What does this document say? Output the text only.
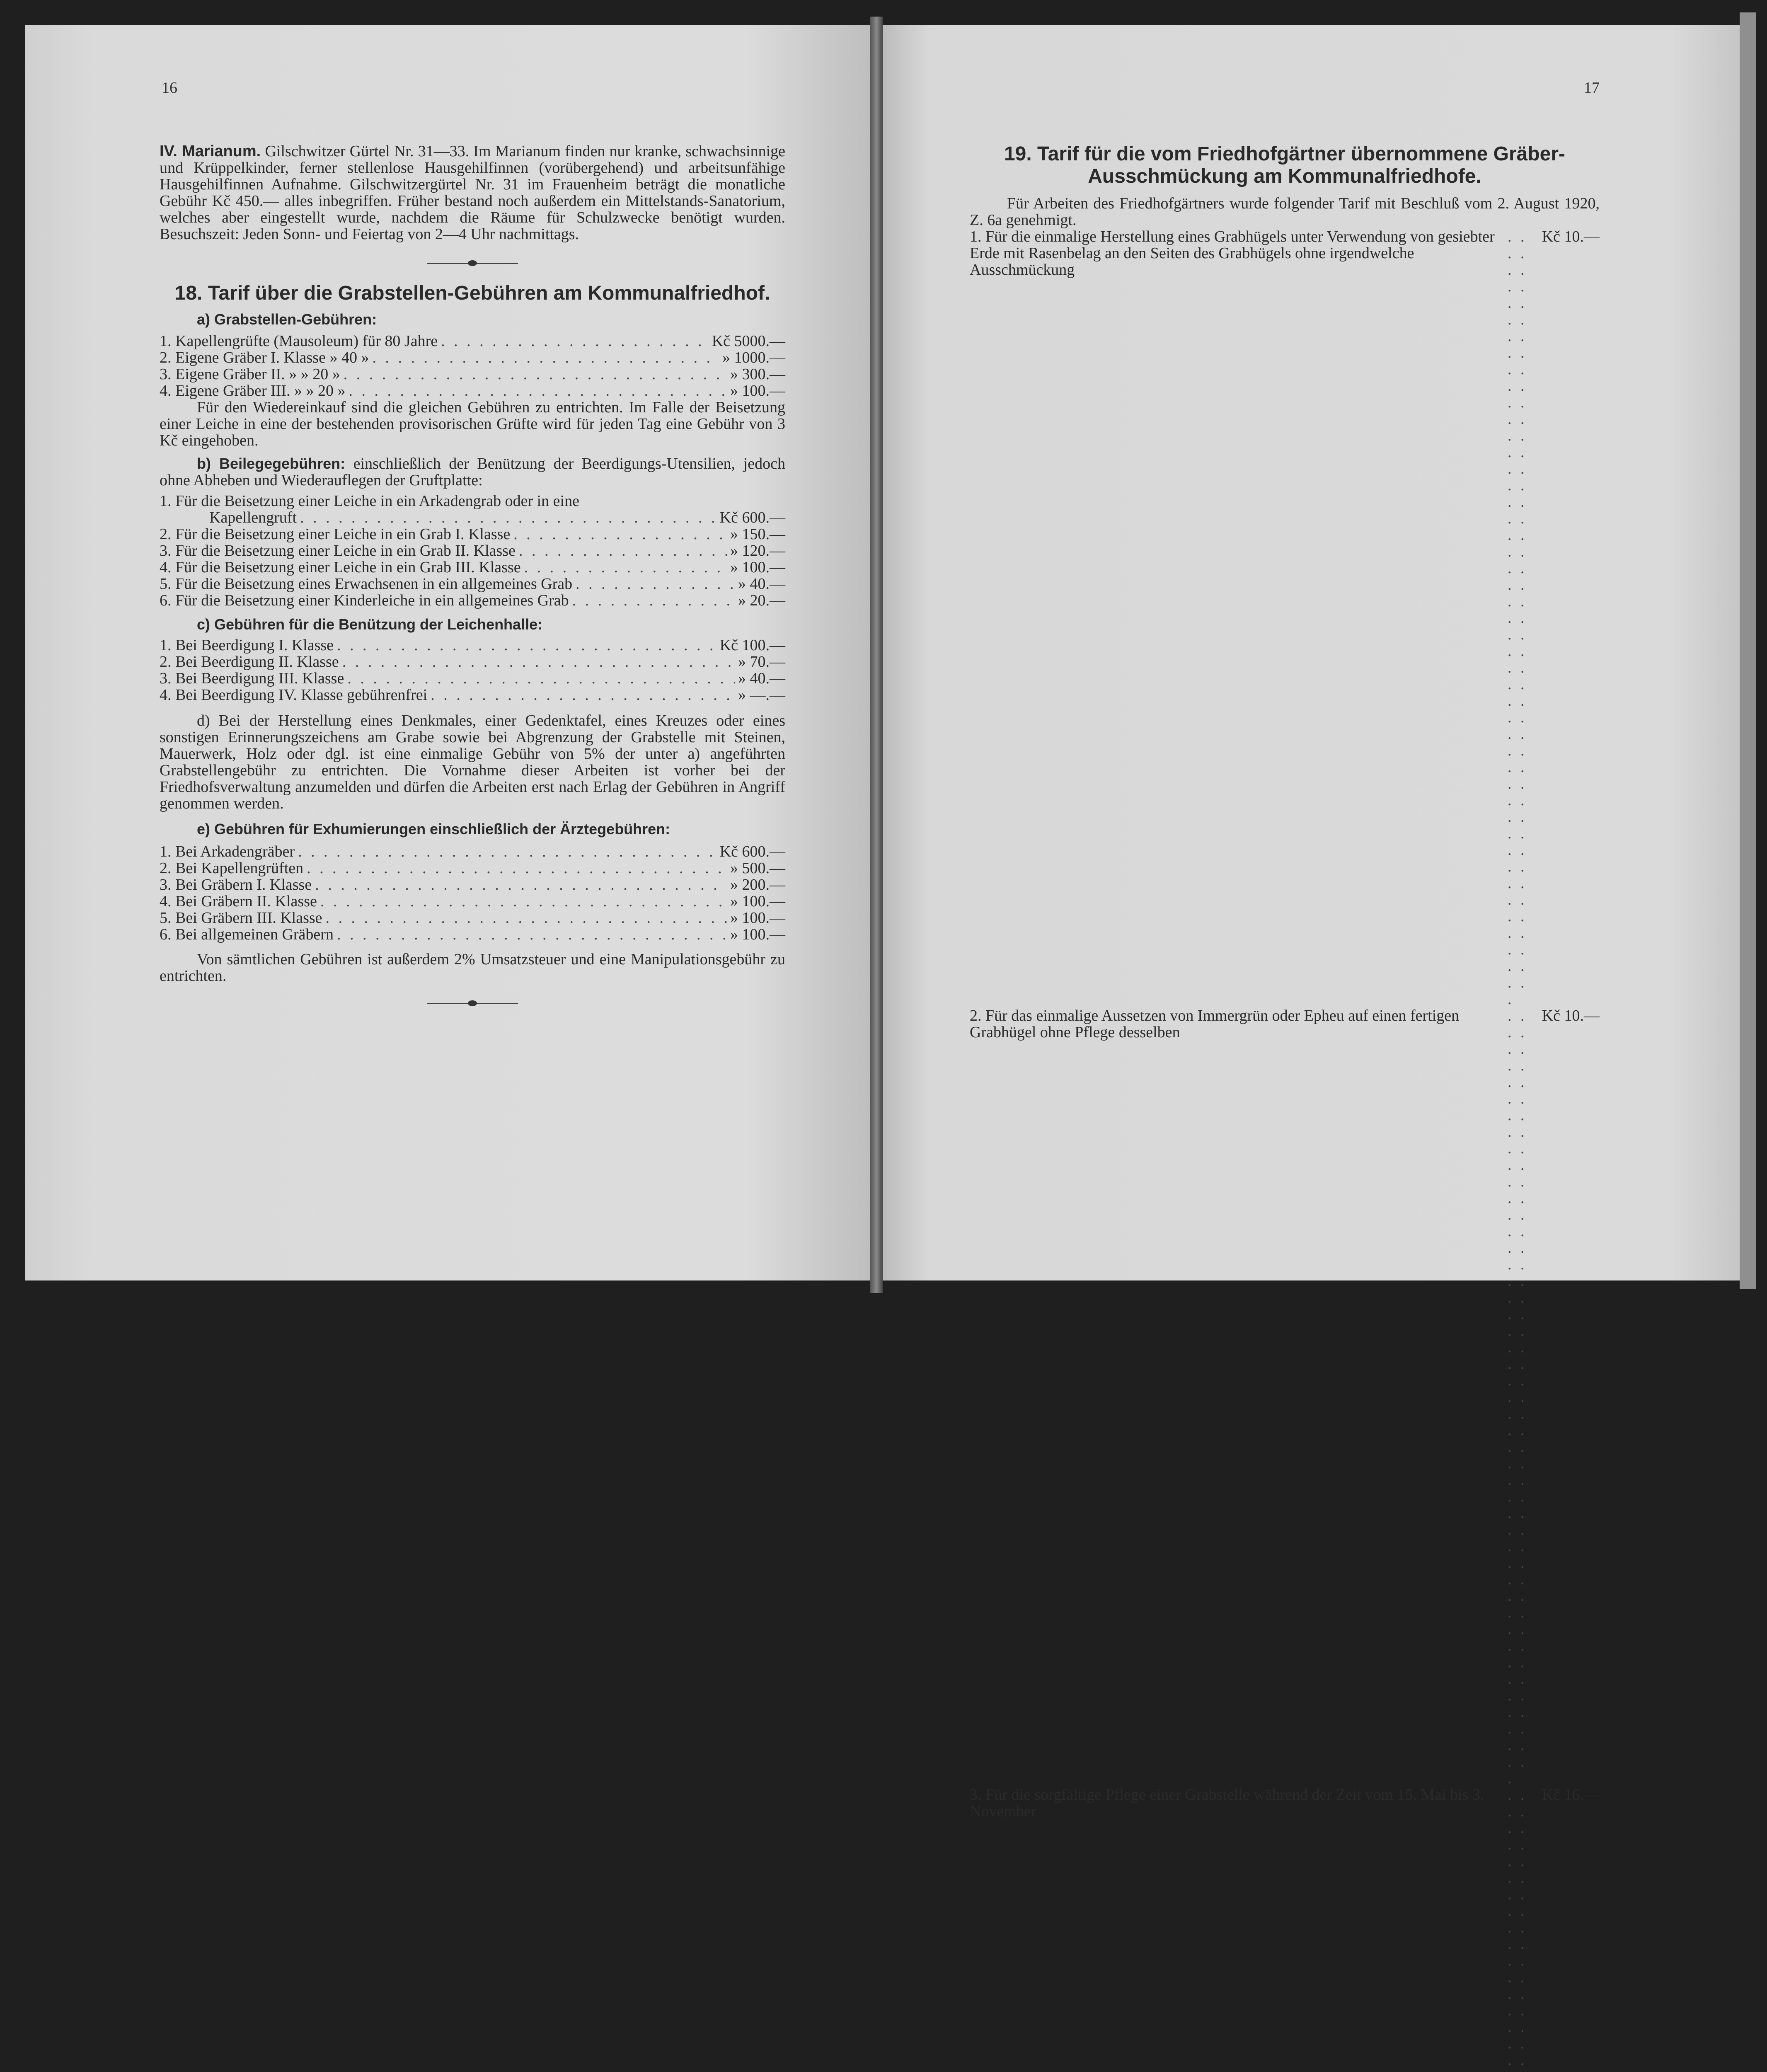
16

IV. Marianum. Gilschwitzer Gürtel Nr. 31—33. Im Marianum finden nur kranke, schwachsinnige und Krüppelkinder, ferner stellenlose Hausgehilfinnen (vorübergehend) und arbeitsunfähige Hausgehilfinnen Aufnahme. Gilschwitzergürtel Nr. 31 im Frauenheim beträgt die monatliche Gebühr Kč 450.— alles inbegriffen. Früher bestand noch außerdem ein Mittelstands-Sanatorium, welches aber eingestellt wurde, nachdem die Räume für Schulzwecke benötigt wurden. Besuchszeit: Jeden Sonn- und Feiertag von 2—4 Uhr nachmittags.

18. Tarif über die Grabstellen-Gebühren am Kommunalfriedhof.
a) Grabstellen-Gebühren:
1. Kapellengrüfte (Mausoleum) für 80 Jahre . . .	Kč 5000.—
2. Eigene Gräber I. Klasse » 40 » . . .	» 1000.—
3. Eigene Gräber II. » » 20 » . . .	» 300.—
4. Eigene Gräber III. » » 20 » . . .	» 100.—

Für den Wiedereinkauf sind die gleichen Gebühren zu entrichten. Im Falle der Beisetzung einer Leiche in eine der bestehenden provisorischen Grüfte wird für jeden Tag eine Gebühr von 3 Kč eingehoben.

b) Beilegegebühren: einschließlich der Benützung der Beerdigungs-Utensilien, jedoch ohne Abheben und Wiederauflegen der Gruftplatte:

1. Für die Beisetzung einer Leiche in ein Arkadengrab oder in eine
Kapellengruft . . .	Kč 600.—
2. Für die Beisetzung einer Leiche in ein Grab I. Klasse . . .	» 150.—
3. Für die Beisetzung einer Leiche in ein Grab II. Klasse . . .	» 120.—
4. Für die Beisetzung einer Leiche in ein Grab III. Klasse . . .	» 100.—
5. Für die Beisetzung eines Erwachsenen in ein allgemeines Grab . . .	» 40.—
6. Für die Beisetzung einer Kinderleiche in ein allgemeines Grab . . .	» 20.—
c) Gebühren für die Benützung der Leichenhalle:
1. Bei Beerdigung I. Klasse . . .	Kč 100.—
2. Bei Beerdigung II. Klasse . . .	» 70.—
3. Bei Beerdigung III. Klasse . . .	» 40.—
4. Bei Beerdigung IV. Klasse gebührenfrei . . .	» —.—

d) Bei der Herstellung eines Denkmales, einer Gedenktafel, eines Kreuzes oder eines sonstigen Erinnerungszeichens am Grabe sowie bei Abgrenzung der Grabstelle mit Steinen, Mauerwerk, Holz oder dgl. ist eine einmalige Gebühr von 5% der unter a) angeführten Grabstellengebühr zu entrichten. Die Vornahme dieser Arbeiten ist vorher bei der Friedhofsverwaltung anzumelden und dürfen die Arbeiten erst nach Erlag der Gebühren in Angriff genommen werden.

e) Gebühren für Exhumierungen einschließlich der Ärztegebühren:
1. Bei Arkadengräber . . .	Kč 600.—
2. Bei Kapellengrüften . . .	» 500.—
3. Bei Gräbern I. Klasse . . .	» 200.—
4. Bei Gräbern II. Klasse . . .	» 100.—
5. Bei Gräbern III. Klasse . . .	» 100.—
6. Bei allgemeinen Gräbern . . .	» 100.—

Von sämtlichen Gebühren ist außerdem 2% Umsatzsteuer und eine Manipulationsgebühr zu entrichten.

17
19. Tarif für die vom Friedhofgärtner übernommene Gräber-Ausschmückung am Kommunalfriedhofe.

Für Arbeiten des Friedhofgärtners wurde folgender Tarif mit Beschluß vom 2. August 1920, Z. 6a genehmigt.

1. Für die einmalige Herstellung eines Grabhügels unter Verwendung von gesiebter Erde mit Rasenbelag an den Seiten des Grabhügels ohne irgendwelche Ausschmückung
. . .
Kč 10.—
2. Für das einmalige Aussetzen von Immergrün oder Epheu auf einen fertigen Grabhügel ohne Pflege desselben
. . .
Kč 10.—
3. Für die sorgfältige Pflege einer Grabstelle während der Zeit vom 15. Mai bis 3. November
. . .
Kč 16.—
